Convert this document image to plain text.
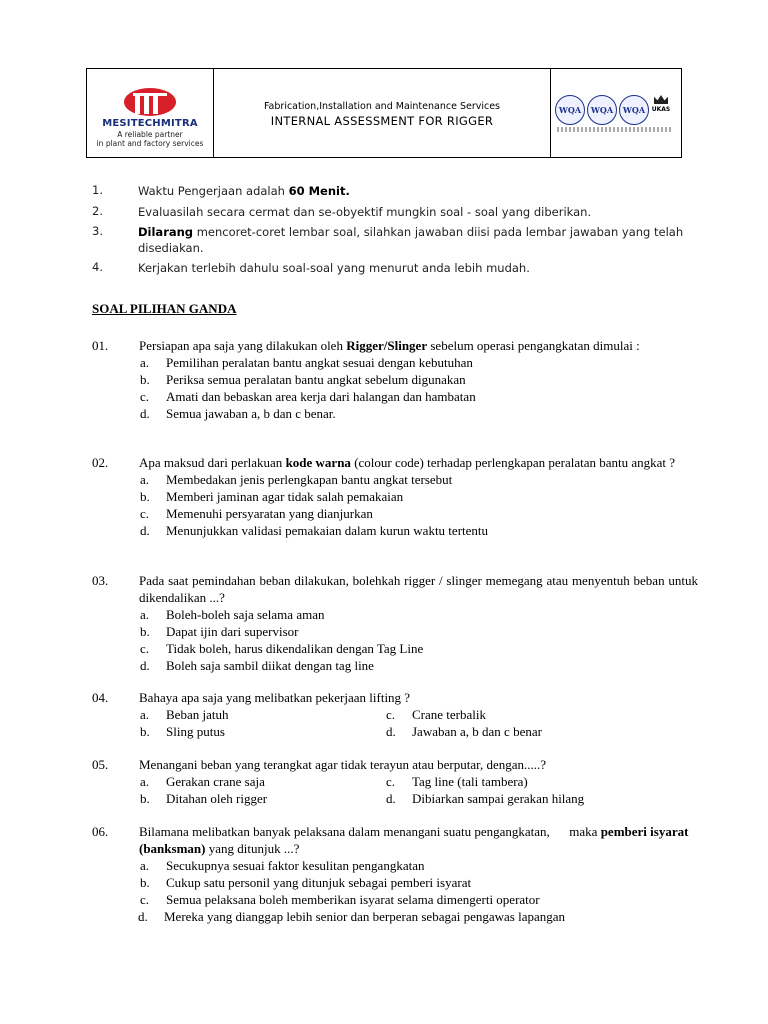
MESITECHMITRA
A reliable partner
in plant and factory services
Fabrication,Installation and Maintenance Services
INTERNAL ASSESSMENT FOR RIGGER
WQA	WQA	WQA	UKAS
1.	Waktu Pengerjaan adalah 60 Menit.
2.	Evaluasilah secara cermat dan se-obyektif mungkin soal - soal yang diberikan.
3.	Dilarang mencoret-coret lembar soal, silahkan jawaban diisi pada lembar jawaban yang telah disediakan.
4.	Kerjakan terlebih dahulu soal-soal yang menurut anda lebih mudah.
SOAL PILIHAN GANDA
01. Persiapan apa saja yang dilakukan oleh Rigger/Slinger sebelum operasi pengangkatan dimulai :
a.	Pemilihan peralatan bantu angkat sesuai dengan kebutuhan
b.	Periksa semua peralatan bantu angkat sebelum digunakan
c.	Amati dan bebaskan area kerja dari halangan dan hambatan
d.	Semua jawaban a, b dan c benar.
02. Apa maksud dari perlakuan kode warna (colour code) terhadap perlengkapan peralatan bantu angkat ?
a.	Membedakan jenis perlengkapan bantu angkat tersebut
b.	Memberi jaminan agar tidak salah pemakaian
c.	Memenuhi persyaratan yang dianjurkan
d.	Menunjukkan validasi pemakaian dalam kurun waktu tertentu
03. Pada saat pemindahan beban dilakukan, bolehkah rigger / slinger memegang atau menyentuh beban untuk dikendalikan ...?
a.	Boleh-boleh saja selama aman
b.	Dapat ijin dari supervisor
c.	Tidak boleh, harus dikendalikan dengan Tag Line
d.	Boleh saja sambil diikat dengan tag line
04. Bahaya apa saja yang melibatkan pekerjaan lifting ?
a.	Beban jatuh	c.	Crane terbalik
b.	Sling putus	d.	Jawaban a, b dan c benar
05. Menangani beban yang terangkat agar tidak terayun atau berputar, dengan.....?
a.	Gerakan crane saja	c.	Tag line (tali tambera)
b.	Ditahan oleh rigger	d.	Dibiarkan sampai gerakan hilang
06. Bilamana melibatkan banyak pelaksana dalam menangani suatu pengangkatan,      maka pemberi isyarat (banksman) yang ditunjuk ...?
a.	Secukupnya sesuai faktor kesulitan pengangkatan
b.	Cukup satu personil yang ditunjuk sebagai pemberi isyarat
c.	Semua pelaksana boleh memberikan isyarat selama dimengerti operator
d.	Mereka yang dianggap lebih senior dan berperan sebagai pengawas lapangan
